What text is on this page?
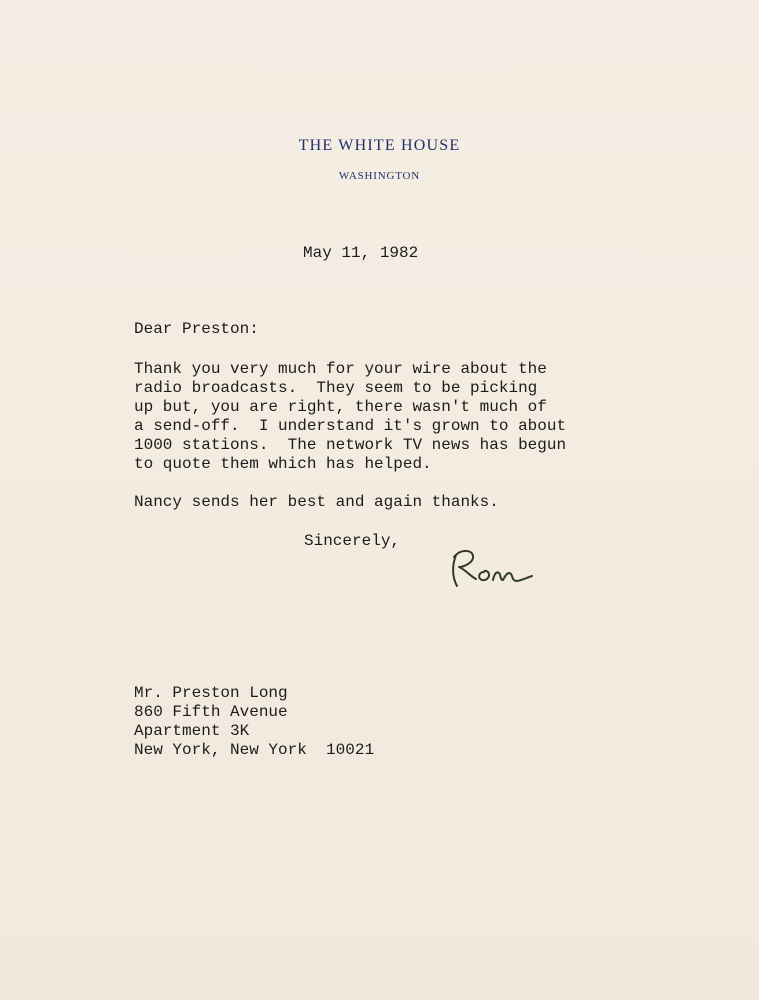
THE WHITE HOUSE
WASHINGTON

May 11, 1982

Dear Preston:

Thank you very much for your wire about the

radio broadcasts.  They seem to be picking

up but, you are right, there wasn't much of

a send-off.  I understand it's grown to about

1000 stations.  The network TV news has begun

to quote them which has helped.

Nancy sends her best and again thanks.

Sincerely,

Mr. Preston Long

860 Fifth Avenue

Apartment 3K

New York, New York  10021
